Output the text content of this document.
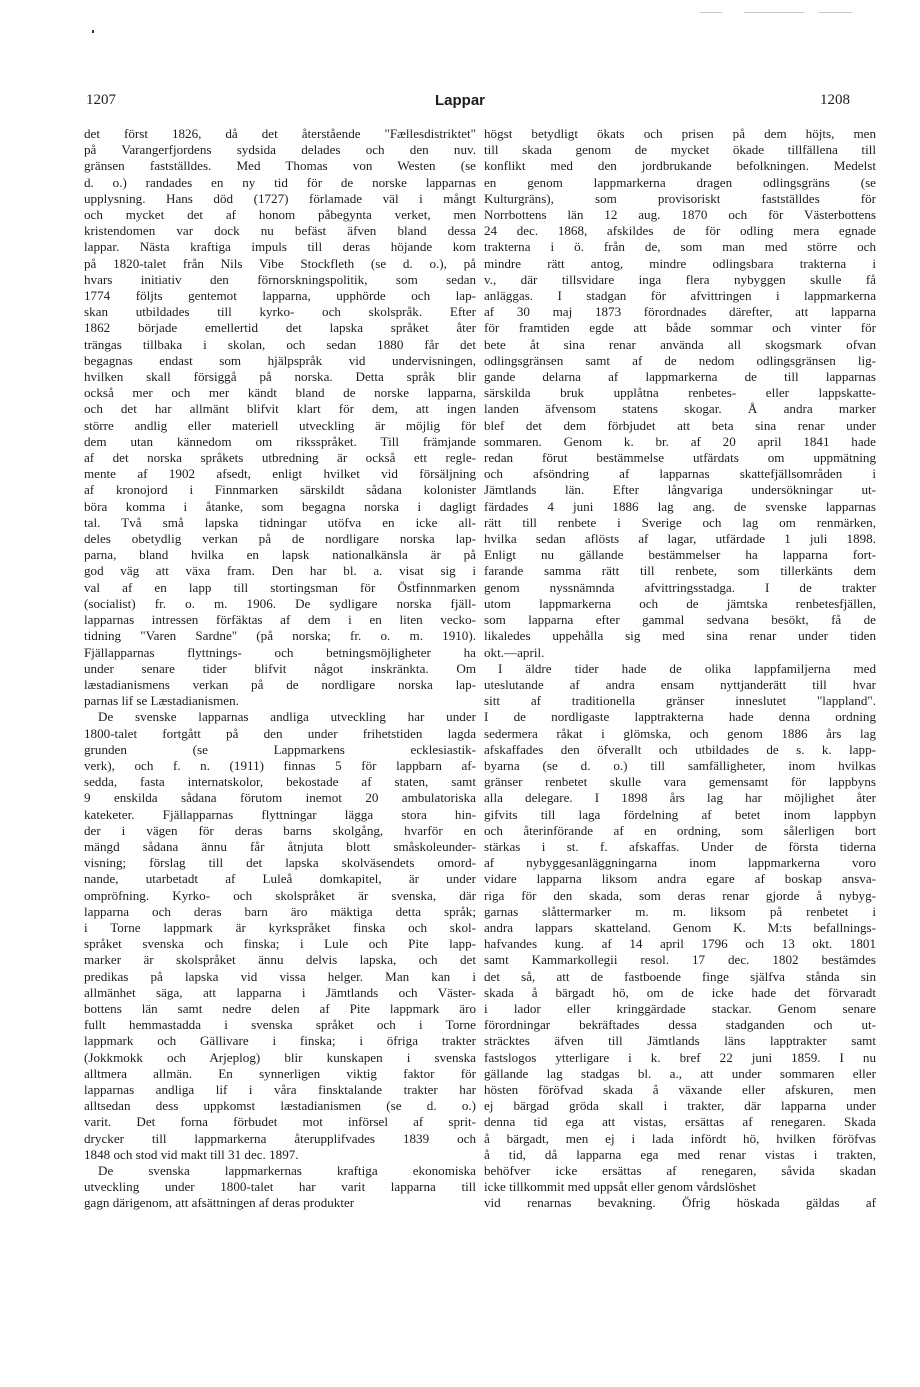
1207	Lappar	1208
det först 1826, då det återstående "Fællesdistriktet"
på Varangerfjordens sydsida delades och den nuv.
gränsen fastställdes. Med Thomas von Westen (se
d. o.) randades en ny tid för de norske lapparnas
upplysning. Hans död (1727) förlamade väl i mångt
och mycket det af honom påbegynta verket, men
kristendomen var dock nu befäst äfven bland dessa
lappar. Nästa kraftiga impuls till deras höjande kom
på 1820-talet från Nils Vibe Stockfleth (se d. o.), på
hvars initiativ den förnorskningspolitik, som sedan
1774 följts gentemot lapparna, upphörde och lap-
skan utbildades till kyrko- och skolspråk. Efter
1862 började emellertid det lapska språket åter
trängas tillbaka i skolan, och sedan 1880 får det
begagnas endast som hjälpspråk vid undervisningen,
hvilken skall försiggå på norska. Detta språk blir
också mer och mer kändt bland de norske lapparna,
och det har allmänt blifvit klart för dem, att ingen
större andlig eller materiell utveckling är möjlig för
dem utan kännedom om riksspråket. Till främjande
af det norska språkets utbredning är också ett regle-
mente af 1902 afsedt, enligt hvilket vid försäljning
af kronojord i Finnmarken särskildt sådana kolonister
böra komma i åtanke, som begagna norska i dagligt
tal. Två små lapska tidningar utöfva en icke all-
deles obetydlig verkan på de nordligare norska lap-
parna, bland hvilka en lapsk nationalkänsla är på
god väg att växa fram. Den har bl. a. visat sig i
val af en lapp till stortingsman för Östfinnmarken
(socialist) fr. o. m. 1906. De sydligare norska fjäll-
lapparnas intressen förfäktas af dem i en liten vecko-
tidning "Varen Sardne" (på norska; fr. o. m. 1910).
Fjällapparnas flyttnings- och betningsmöjligheter ha
under senare tider blifvit något inskränkta. Om
læstadianismens verkan på de nordligare norska lap-
parnas lif se Læstadianismen.
De svenske lapparnas andliga utveckling har under
1800-talet fortgått på den under frihetstiden lagda
grunden (se Lappmarkens ecklesiastik-
verk), och f. n. (1911) finnas 5 för lappbarn af-
sedda, fasta internatskolor, bekostade af staten, samt
9 enskilda sådana förutom inemot 20 ambulatoriska
kateketer. Fjällapparnas flyttningar lägga stora hin-
der i vägen för deras barns skolgång, hvarför en
mängd sådana ännu får åtnjuta blott småskoleunder-
visning; förslag till det lapska skolväsendets omord-
nande, utarbetadt af Luleå domkapitel, är under
ompröfning. Kyrko- och skolspråket är svenska, där
lapparna och deras barn äro mäktiga detta språk;
i Torne lappmark är kyrkspråket finska och skol-
språket svenska och finska; i Lule och Pite lapp-
marker är skolspråket ännu delvis lapska, och det
predikas på lapska vid vissa helger. Man kan i
allmänhet säga, att lapparna i Jämtlands och Väster-
bottens län samt nedre delen af Pite lappmark äro
fullt hemmastadda i svenska språket och i Torne
lappmark och Gällivare i finska; i öfriga trakter
(Jokkmokk och Arjeplog) blir kunskapen i svenska
alltmera allmän. En synnerligen viktig faktor för
lapparnas andliga lif i våra finsktalande trakter har
alltsedan dess uppkomst læstadianismen (se d. o.)
varit. Det forna förbudet mot införsel af sprit-
drycker till lappmarkerna återupplifvades 1839 och
1848 och stod vid makt till 31 dec. 1897.
De svenska lappmarkernas kraftiga ekonomiska
utveckling under 1800-talet har varit lapparna till
gagn därigenom, att afsättningen af deras produkter
högst betydligt ökats och prisen på dem höjts, men
till skada genom de mycket ökade tillfällena till
konflikt med den jordbrukande befolkningen. Medelst
en genom lappmarkerna dragen odlingsgräns (se
Kulturgräns), som provisoriskt fastställdes för
Norrbottens län 12 aug. 1870 och för Västerbottens
24 dec. 1868, afskildes de för odling mera egnade
trakterna i ö. från de, som man med större och
mindre rätt antog, mindre odlingsbara trakterna i
v., där tillsvidare inga flera nybyggen skulle få
anläggas. I stadgan för afvittringen i lappmarkerna
af 30 maj 1873 förordnades därefter, att lapparna
för framtiden egde att både sommar och vinter för
bete åt sina renar använda all skogsmark ofvan
odlingsgränsen samt af de nedom odlingsgränsen lig-
gande delarna af lappmarkerna de till lapparnas
särskilda bruk upplåtna renbetes- eller lappskatte-
landen äfvensom statens skogar. Å andra marker
blef det dem förbjudet att beta sina renar under
sommaren. Genom k. br. af 20 april 1841 hade
redan förut bestämmelse utfärdats om uppmätning
och afsöndring af lapparnas skattefjällsområden i
Jämtlands län. Efter långvariga undersökningar ut-
färdades 4 juni 1886 lag ang. de svenske lapparnas
rätt till renbete i Sverige och lag om renmärken,
hvilka sedan aflösts af lagar, utfärdade 1 juli 1898.
Enligt nu gällande bestämmelser ha lapparna fort-
farande samma rätt till renbete, som tillerkänts dem
genom nyssnämnda afvittringsstadga. I de trakter
utom lappmarkerna och de jämtska renbetesfjällen,
som lapparna efter gammal sedvana besökt, få de
likaledes uppehålla sig med sina renar under tiden
okt.—april.
I äldre tider hade de olika lappfamiljerna med
uteslutande af andra ensam nyttjanderätt till hvar
sitt af traditionella gränser inneslutet "lappland".
I de nordligaste lapptrakterna hade denna ordning
sedermera råkat i glömska, och genom 1886 års lag
afskaffades den öfverallt och utbildades de s. k. lapp-
byarna (se d. o.) till samfälligheter, inom hvilkas
gränser renbetet skulle vara gemensamt för lappbyns
alla delegare. I 1898 års lag har möjlighet åter
gifvits till laga fördelning af betet inom lappbyn
och återinförande af en ordning, som sålerligen bort
stärkas i st. f. afskaffas. Under de första tiderna
af nybyggesanläggningarna inom lappmarkerna voro
vidare lapparna liksom andra egare af boskap ansva-
riga för den skada, som deras renar gjorde å nybyg-
garnas slåttermarker m. m. liksom på renbetet i
andra lappars skatteland. Genom K. M:ts befallnings-
hafvandes kung. af 14 april 1796 och 13 okt. 1801
samt Kammarkollegii resol. 17 dec. 1802 bestämdes
det så, att de fastboende finge själfva stånda sin
skada å bärgadt hö, om de icke hade det förvaradt
i lador eller kringgärdade stackar. Genom senare
förordningar bekräftades dessa stadganden och ut-
sträcktes äfven till Jämtlands läns lapptrakter samt
fastslogos ytterligare i k. bref 22 juni 1859. I nu
gällande lag stadgas bl. a., att under sommaren eller
hösten föröfvad skada å växande eller afskuren, men
ej bärgad gröda skall i trakter, där lapparna under
denna tid ega att vistas, ersättas af renegaren. Skada
å bärgadt, men ej i lada infördt hö, hvilken föröfvas
å tid, då lapparna ega med renar vistas i trakten,
behöfver icke ersättas af renegaren, såvida skadan
icke tillkommit med uppsåt eller genom vårdslöshet
vid renarnas bevakning. Öfrig höskada gäldas af
